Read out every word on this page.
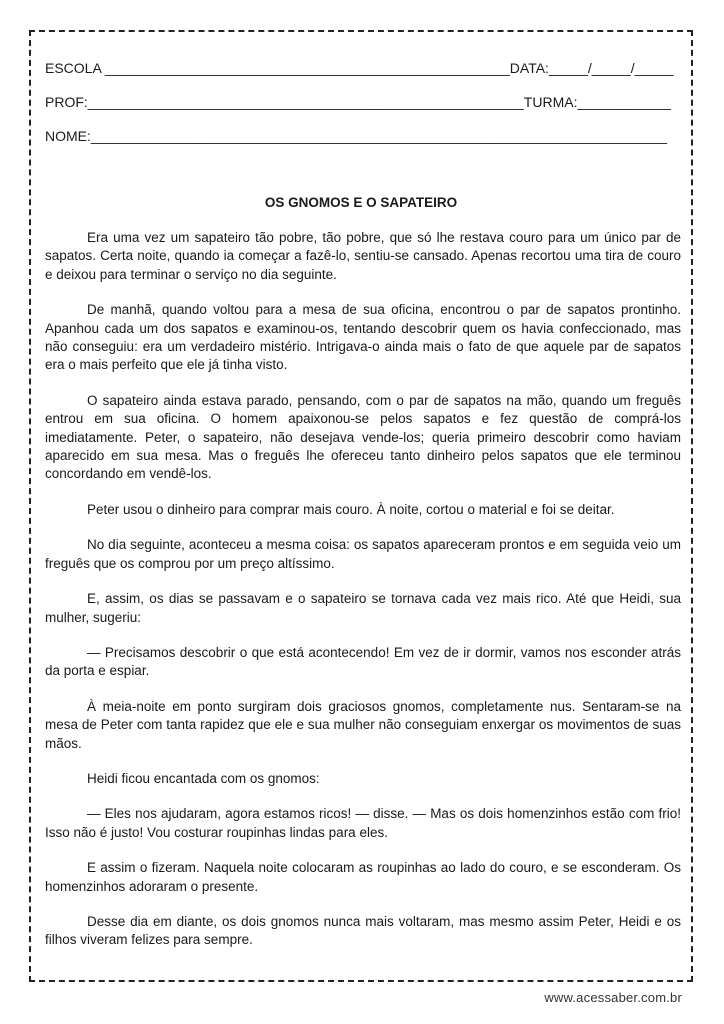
ESCOLA ____________________________________________________DATA:_____/_____/_____
PROF:________________________________________________________TURMA:____________
NOME:__________________________________________________________________________
OS GNOMOS E O SAPATEIRO

Era uma vez um sapateiro tão pobre, tão pobre, que só lhe restava couro para um único par de sapatos. Certa noite, quando ia começar a fazê-lo, sentiu-se cansado. Apenas recortou uma tira de couro e deixou para terminar o serviço no dia seguinte.

De manhã, quando voltou para a mesa de sua oficina, encontrou o par de sapatos prontinho. Apanhou cada um dos sapatos e examinou-os, tentando descobrir quem os havia confeccionado, mas não conseguiu: era um verdadeiro mistério. Intrigava-o ainda mais o fato de que aquele par de sapatos era o mais perfeito que ele já tinha visto.

O sapateiro ainda estava parado, pensando, com o par de sapatos na mão, quando um freguês entrou em sua oficina. O homem apaixonou-se pelos sapatos e fez questão de comprá-los imediatamente. Peter, o sapateiro, não desejava vende-los; queria primeiro descobrir como haviam aparecido em sua mesa. Mas o freguês lhe ofereceu tanto dinheiro pelos sapatos que ele terminou concordando em vendê-los.

Peter usou o dinheiro para comprar mais couro. À noite, cortou o material e foi se deitar.

No dia seguinte, aconteceu a mesma coisa: os sapatos apareceram prontos e em seguida veio um freguês que os comprou por um preço altíssimo.

E, assim, os dias se passavam e o sapateiro se tornava cada vez mais rico. Até que Heidi, sua mulher, sugeriu:

— Precisamos descobrir o que está acontecendo! Em vez de ir dormir, vamos nos esconder atrás da porta e espiar.

À meia-noite em ponto surgiram dois graciosos gnomos, completamente nus. Sentaram-se na mesa de Peter com tanta rapidez que ele e sua mulher não conseguiam enxergar os movimentos de suas mãos.

Heidi ficou encantada com os gnomos:

— Eles nos ajudaram, agora estamos ricos! — disse. — Mas os dois homenzinhos estão com frio! Isso não é justo! Vou costurar roupinhas lindas para eles.

E assim o fizeram. Naquela noite colocaram as roupinhas ao lado do couro, e se esconderam. Os homenzinhos adoraram o presente.

Desse dia em diante, os dois gnomos nunca mais voltaram, mas mesmo assim Peter, Heidi e os filhos viveram felizes para sempre.

www.acessaber.com.br
